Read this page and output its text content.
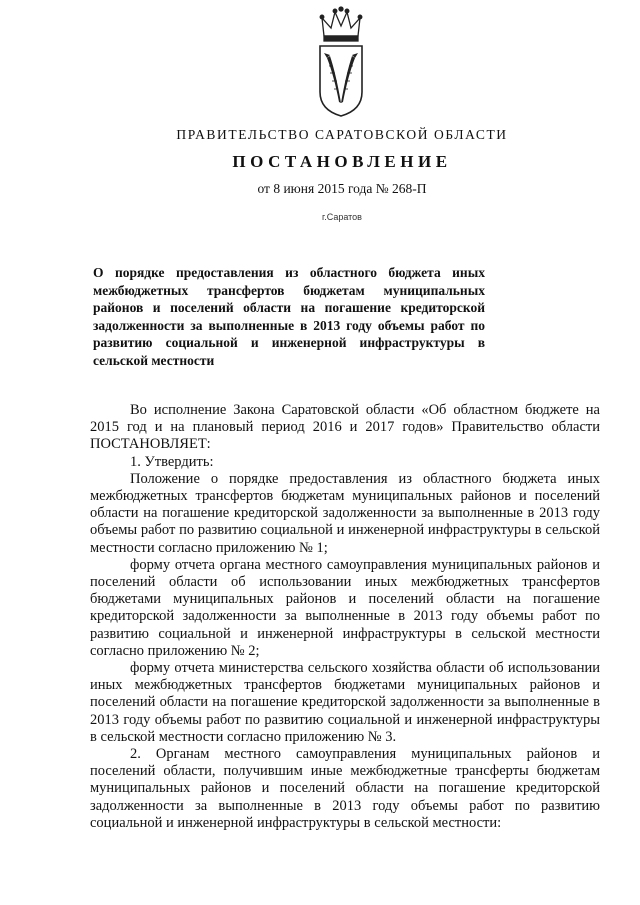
ПРАВИТЕЛЬСТВО САРАТОВСКОЙ ОБЛАСТИ
ПОСТАНОВЛЕНИЕ
от 8 июня 2015 года № 268-П
г.Саратов
О порядке предоставления из областного бюджета иных межбюджетных трансфертов бюджетам муниципальных районов и поселений области на погашение кредиторской задолженности за выполненные в 2013 году объемы работ по развитию социальной и инженерной инфраструктуры в сельской местности

Во исполнение Закона Саратовской области «Об областном бюджете на 2015 год и на плановый период 2016 и 2017 годов» Правительство области ПОСТАНОВЛЯЕТ:

1. Утвердить:

Положение о порядке предоставления из областного бюджета иных межбюджетных трансфертов бюджетам муниципальных районов и поселений области на погашение кредиторской задолженности за выполненные в 2013 году объемы работ по развитию социальной и инженерной инфраструктуры в сельской местности согласно приложению № 1;

форму отчета органа местного самоуправления муниципальных районов и поселений области об использовании иных межбюджетных трансфертов бюджетами муниципальных районов и поселений области на погашение кредиторской задолженности за выполненные в 2013 году объемы работ по развитию социальной и инженерной инфраструктуры в сельской местности согласно приложению № 2;

форму отчета министерства сельского хозяйства области об использовании иных межбюджетных трансфертов бюджетами муниципальных районов и поселений области на погашение кредиторской задолженности за выполненные в 2013 году объемы работ по развитию социальной и инженерной инфраструктуры в сельской местности согласно приложению № 3.

2. Органам местного самоуправления муниципальных районов и поселений области, получившим иные межбюджетные трансферты бюджетам муниципальных районов и поселений области на погашение кредиторской задолженности за выполненные в 2013 году объемы работ по развитию социальной и инженерной инфраструктуры в сельской местности:
